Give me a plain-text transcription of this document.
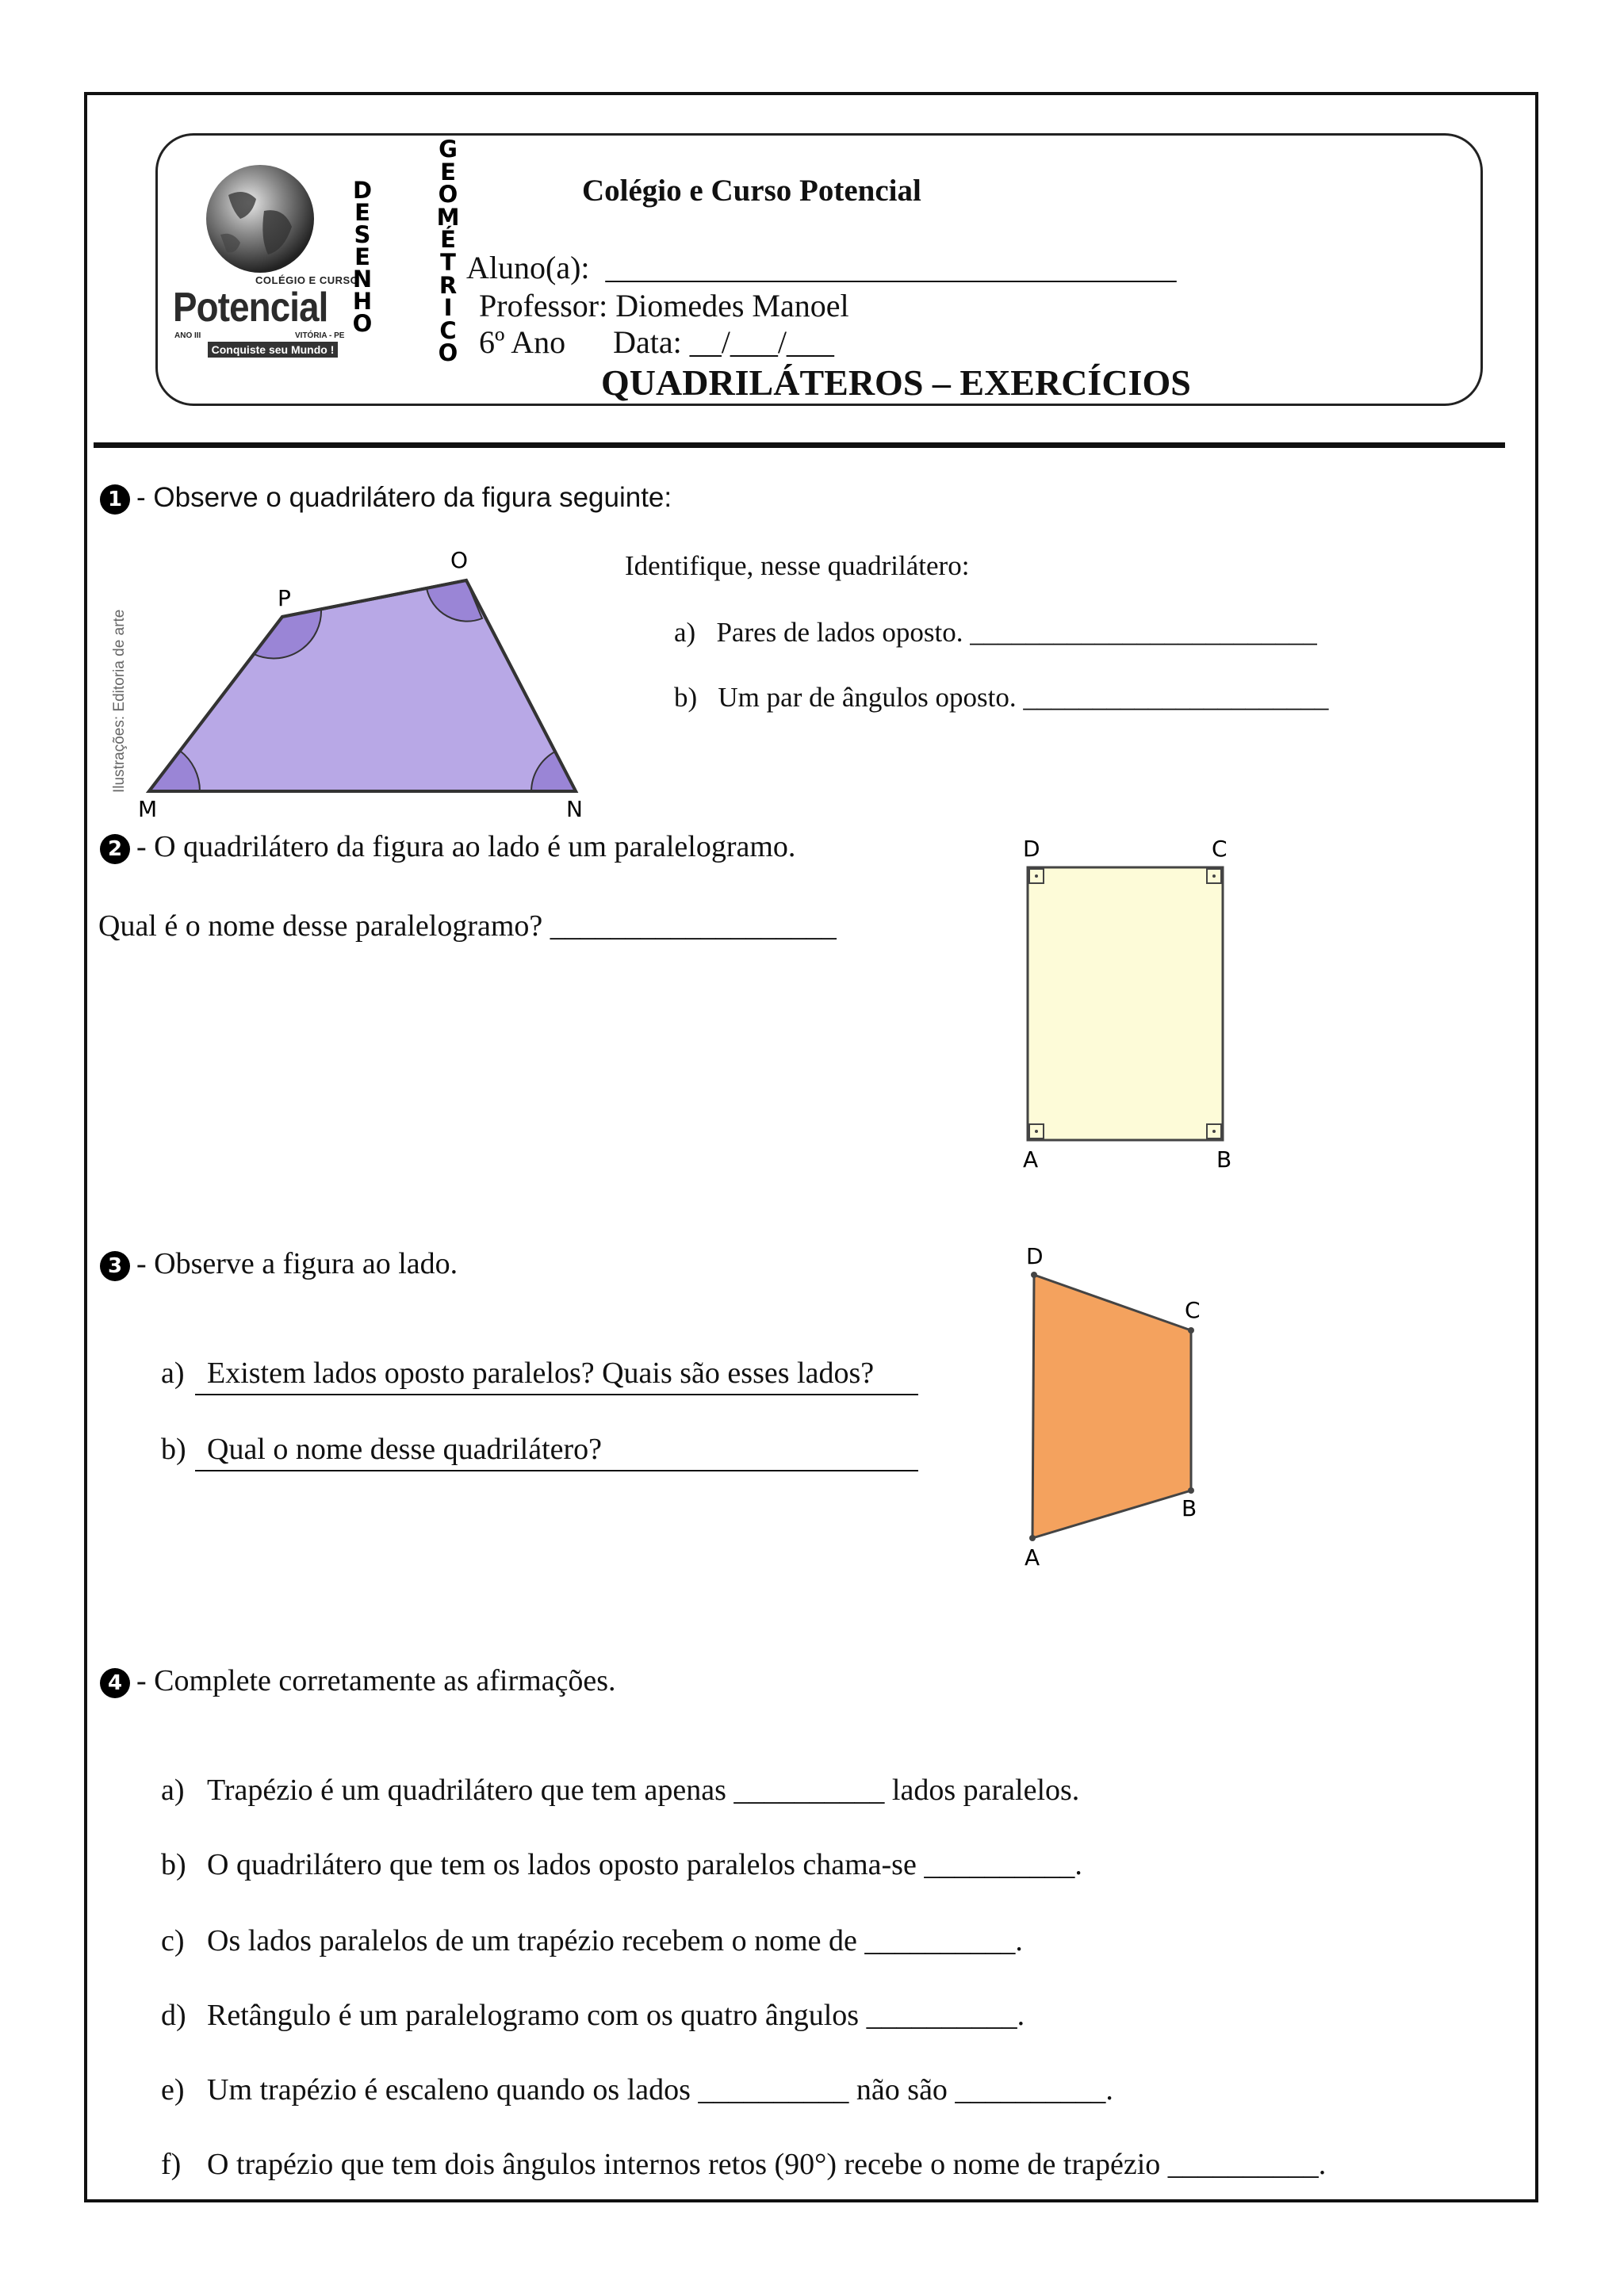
COLÉGIO E CURSO
Potencial
ANO III	VITÓRIA - PE
Conquiste seu Mundo !
D
E
S
E
N
H
O
G
E
O
M
É
T
R
I
C
O
Colégio e Curso Potencial
Aluno(a):  ____________________________________
Professor: Diomedes Manoel
6º Ano      Data: __/___/___
QUADRILÁTEROS – EXERCÍCIOS
1 - Observe o quadrilátero da figura seguinte:
Ilustrações: Editoria de arte
P
O
M	N
Identifique, nesse quadrilátero:
a)   Pares de lados oposto. _________________________
b)   Um par de ângulos oposto. ______________________
2 - O quadrilátero da figura ao lado é um paralelogramo.
Qual é o nome desse paralelogramo? ___________________
D	C
A	B
3 - Observe a figura ao lado.

a) Existem lados oposto paralelos? Quais são esses lados?

b) Qual o nome desse quadrilátero?

D
C
B
A
4 - Complete corretamente as afirmações.

a) Trapézio é um quadrilátero que tem apenas __________ lados paralelos.

b) O quadrilátero que tem os lados oposto paralelos chama-se __________.

c) Os lados paralelos de um trapézio recebem o nome de __________.

d) Retângulo é um paralelogramo com os quatro ângulos __________.

e) Um trapézio é escaleno quando os lados __________ não são __________.

f) O trapézio que tem dois ângulos internos retos (90°) recebe o nome de trapézio __________.
